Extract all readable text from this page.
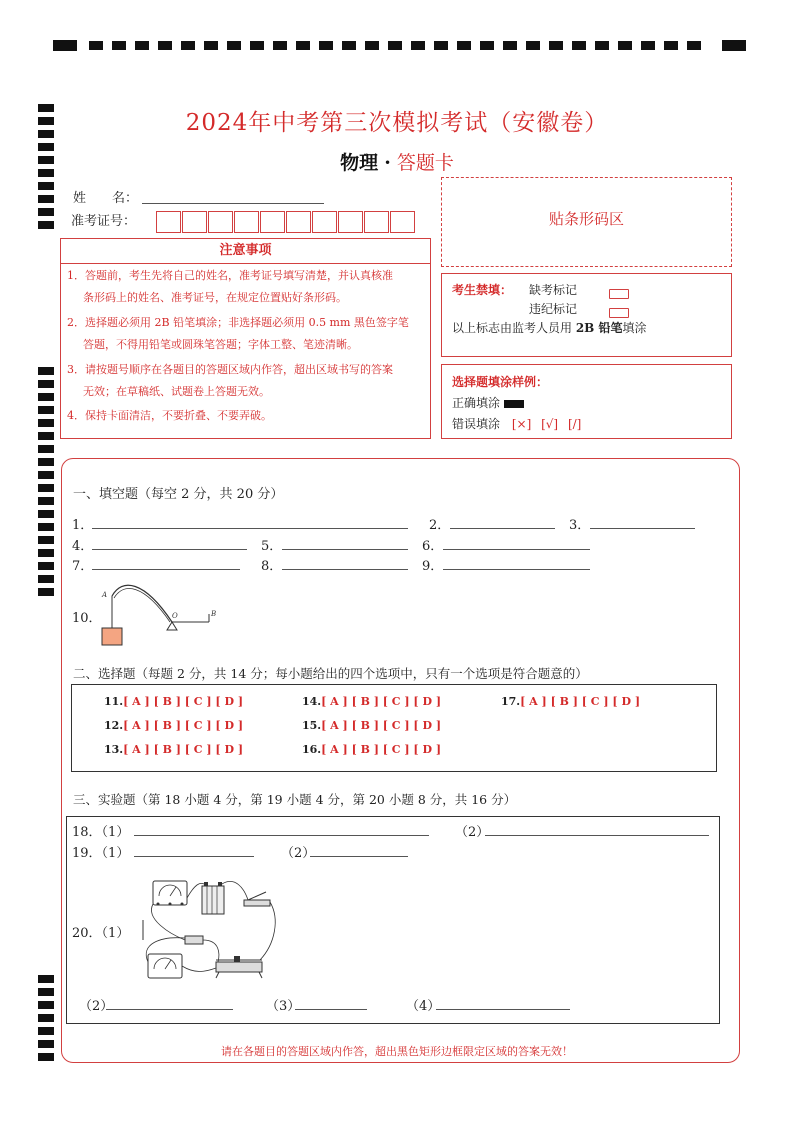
2024年中考第三次模拟考试（安徽卷）
物理 · 答题卡
姓　　名：
准考证号：	贴条形码区
注意事项

1．答题前，考生先将自己的姓名，准考证号填写清楚，并认真核准

条形码上的姓名、准考证号，在规定位置贴好条形码。

2．选择题必须用 2B 铅笔填涂；非选择题必须用 0.5 mm 黑色签字笔

答题，不得用铅笔或圆珠笔答题；字体工整、笔迹清晰。

3．请按题号顺序在各题目的答题区域内作答，超出区域书写的答案

无效；在草稿纸、试题卷上答题无效。

4．保持卡面清洁，不要折叠、不要弄破。

考生禁填： 缺考标记
违纪标记
以上标志由监考人员用 2B 铅笔填涂
选择题填涂样例：
正确填涂
错误填涂 [×] [√] [/]
一、填空题（每空 2 分，共 20 分）
1．	2．	3．
4．	5．	6．
7．	8．	9．
10．
A
O	B
二、选择题（每题 2 分，共 14 分；每小题给出的四个选项中，只有一个选项是符合题意的）
11.[ A ] [ B ] [ C ] [ D ]
12.[ A ] [ B ] [ C ] [ D ]
13.[ A ] [ B ] [ C ] [ D ]
14.[ A ] [ B ] [ C ] [ D ]
15.[ A ] [ B ] [ C ] [ D ]
16.[ A ] [ B ] [ C ] [ D ]
17.[ A ] [ B ] [ C ] [ D ]
三、实验题（第 18 小题 4 分，第 19 小题 4 分，第 20 小题 8 分，共 16 分）
18．（1）	（2）
19．（1）	（2）
20．（1）
（2）	（3）	（4）
请在各题目的答题区域内作答，超出黑色矩形边框限定区域的答案无效！
